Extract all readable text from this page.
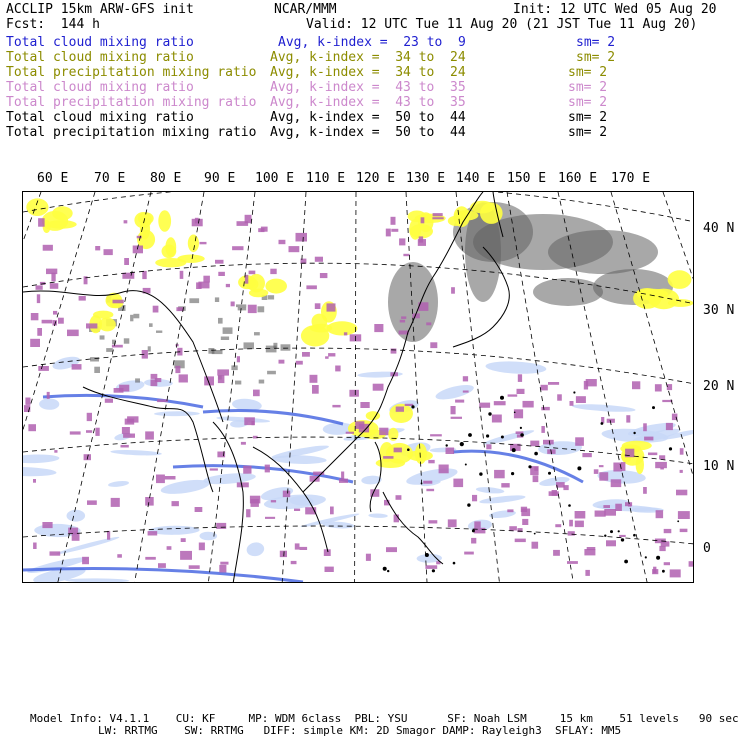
ACCLIP 15km ARW-GFS init	NCAR/MMM	Init: 12 UTC Wed 05 Aug 20
Fcst:  144 h	Valid: 12 UTC Tue 11 Aug 20 (21 JST Tue 11 Aug 20)
Total cloud mixing ratio	Avg, k-index =  23 to  9	sm= 2
Total cloud mixing ratio	Avg, k-index =  34 to  24	sm= 2
Total precipitation mixing ratio Avg, k-index =  34 to  24	sm= 2
Total cloud mixing ratio	Avg, k-index =  43 to  35	sm= 2
Total precipitation mixing ratio Avg, k-index =  43 to  35	sm= 2
Total cloud mixing ratio	Avg, k-index =  50 to  44	sm= 2
Total precipitation mixing ratio Avg, k-index =  50 to  44	sm= 2
60 E 70 E 80 E 90 E 100 E 110 E 120 E 130 E 140 E 150 E 160 E 170 E
40 N
30 N
20 N
10 N
0
Model Info: V4.1.1    CU: KF     MP: WDM 6class  PBL: YSU      SF: Noah LSM     15 km    51 levels   90 sec
LW: RRTMG    SW: RRTMG   DIFF: simple KM: 2D Smagor DAMP: Rayleigh3  SFLAY: MM5
